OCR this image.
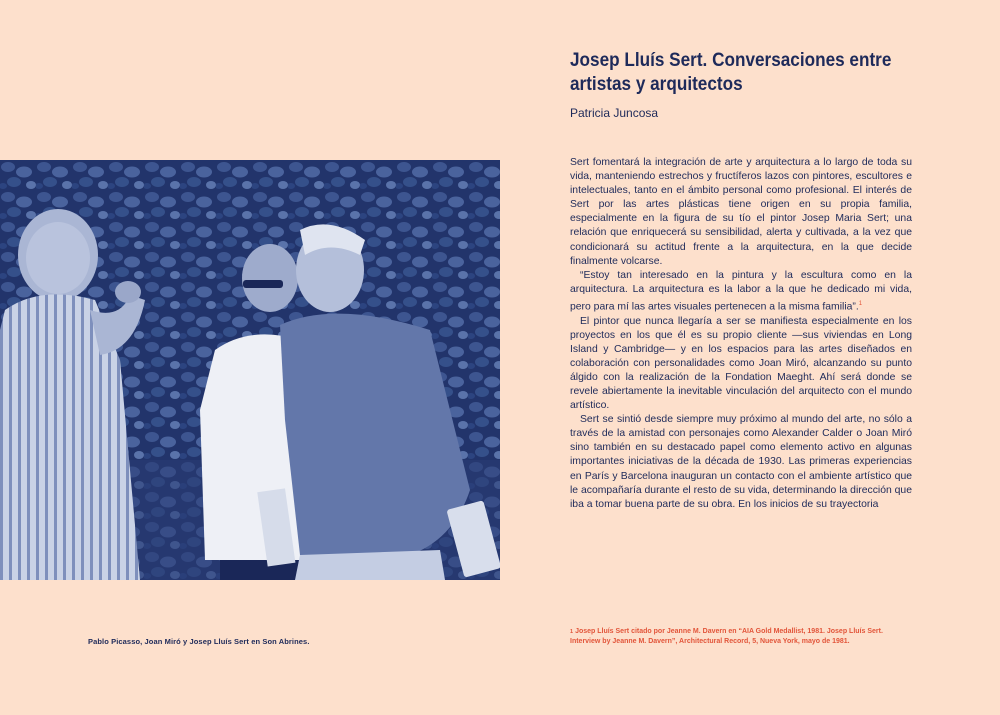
Pablo Picasso, Joan Miró y Josep Lluís Sert en Son Abrines.
Josep Lluís Sert. Conversaciones entre artistas y arquitectos
Patricia Juncosa

Sert fomentará la integración de arte y arquitectura a lo largo de toda su vida, manteniendo estrechos y fructíferos lazos con pintores, escultores e intelectuales, tanto en el ámbito personal como profesional. El interés de Sert por las artes plásticas tiene origen en su propia familia, especialmente en la figura de su tío el pintor Josep Maria Sert; una relación que enriquecerá su sensibilidad, alerta y cultivada, a la vez que condicionará su actitud frente a la arquitectura, en la que decide finalmente volcarse.

“Estoy tan interesado en la pintura y la escultura como en la arquitectura. La arquitectura es la labor a la que he dedicado mi vida, pero para mí las artes visuales pertenecen a la misma familia”.$^1$

El pintor que nunca llegaría a ser se manifiesta especialmente en los proyectos en los que él es su propio cliente —sus viviendas en Long Island y Cambridge— y en los espacios para las artes diseñados en colaboración con personalidades como Joan Miró, alcanzando su punto álgido con la realización de la Fondation Maeght. Ahí será donde se revele abiertamente la inevitable vinculación del arquitecto con el mundo artístico.

Sert se sintió desde siempre muy próximo al mundo del arte, no sólo a través de la amistad con personajes como Alexander Calder o Joan Miró sino también en su destacado papel como elemento activo en algunas importantes iniciativas de la década de 1930. Las primeras experiencias en París y Barcelona inauguran un contacto con el ambiente artístico que le acompañaría durante el resto de su vida, determinando la dirección que iba a tomar buena parte de su obra. En los inicios de su trayectoria

$^1$ Josep Lluís Sert citado por Jeanne M. Davern en “AIA Gold Medallist, 1981. Josep Lluís Sert. Interview by Jeanne M. Davern”, Architectural Record, 5, Nueva York, mayo de 1981.
